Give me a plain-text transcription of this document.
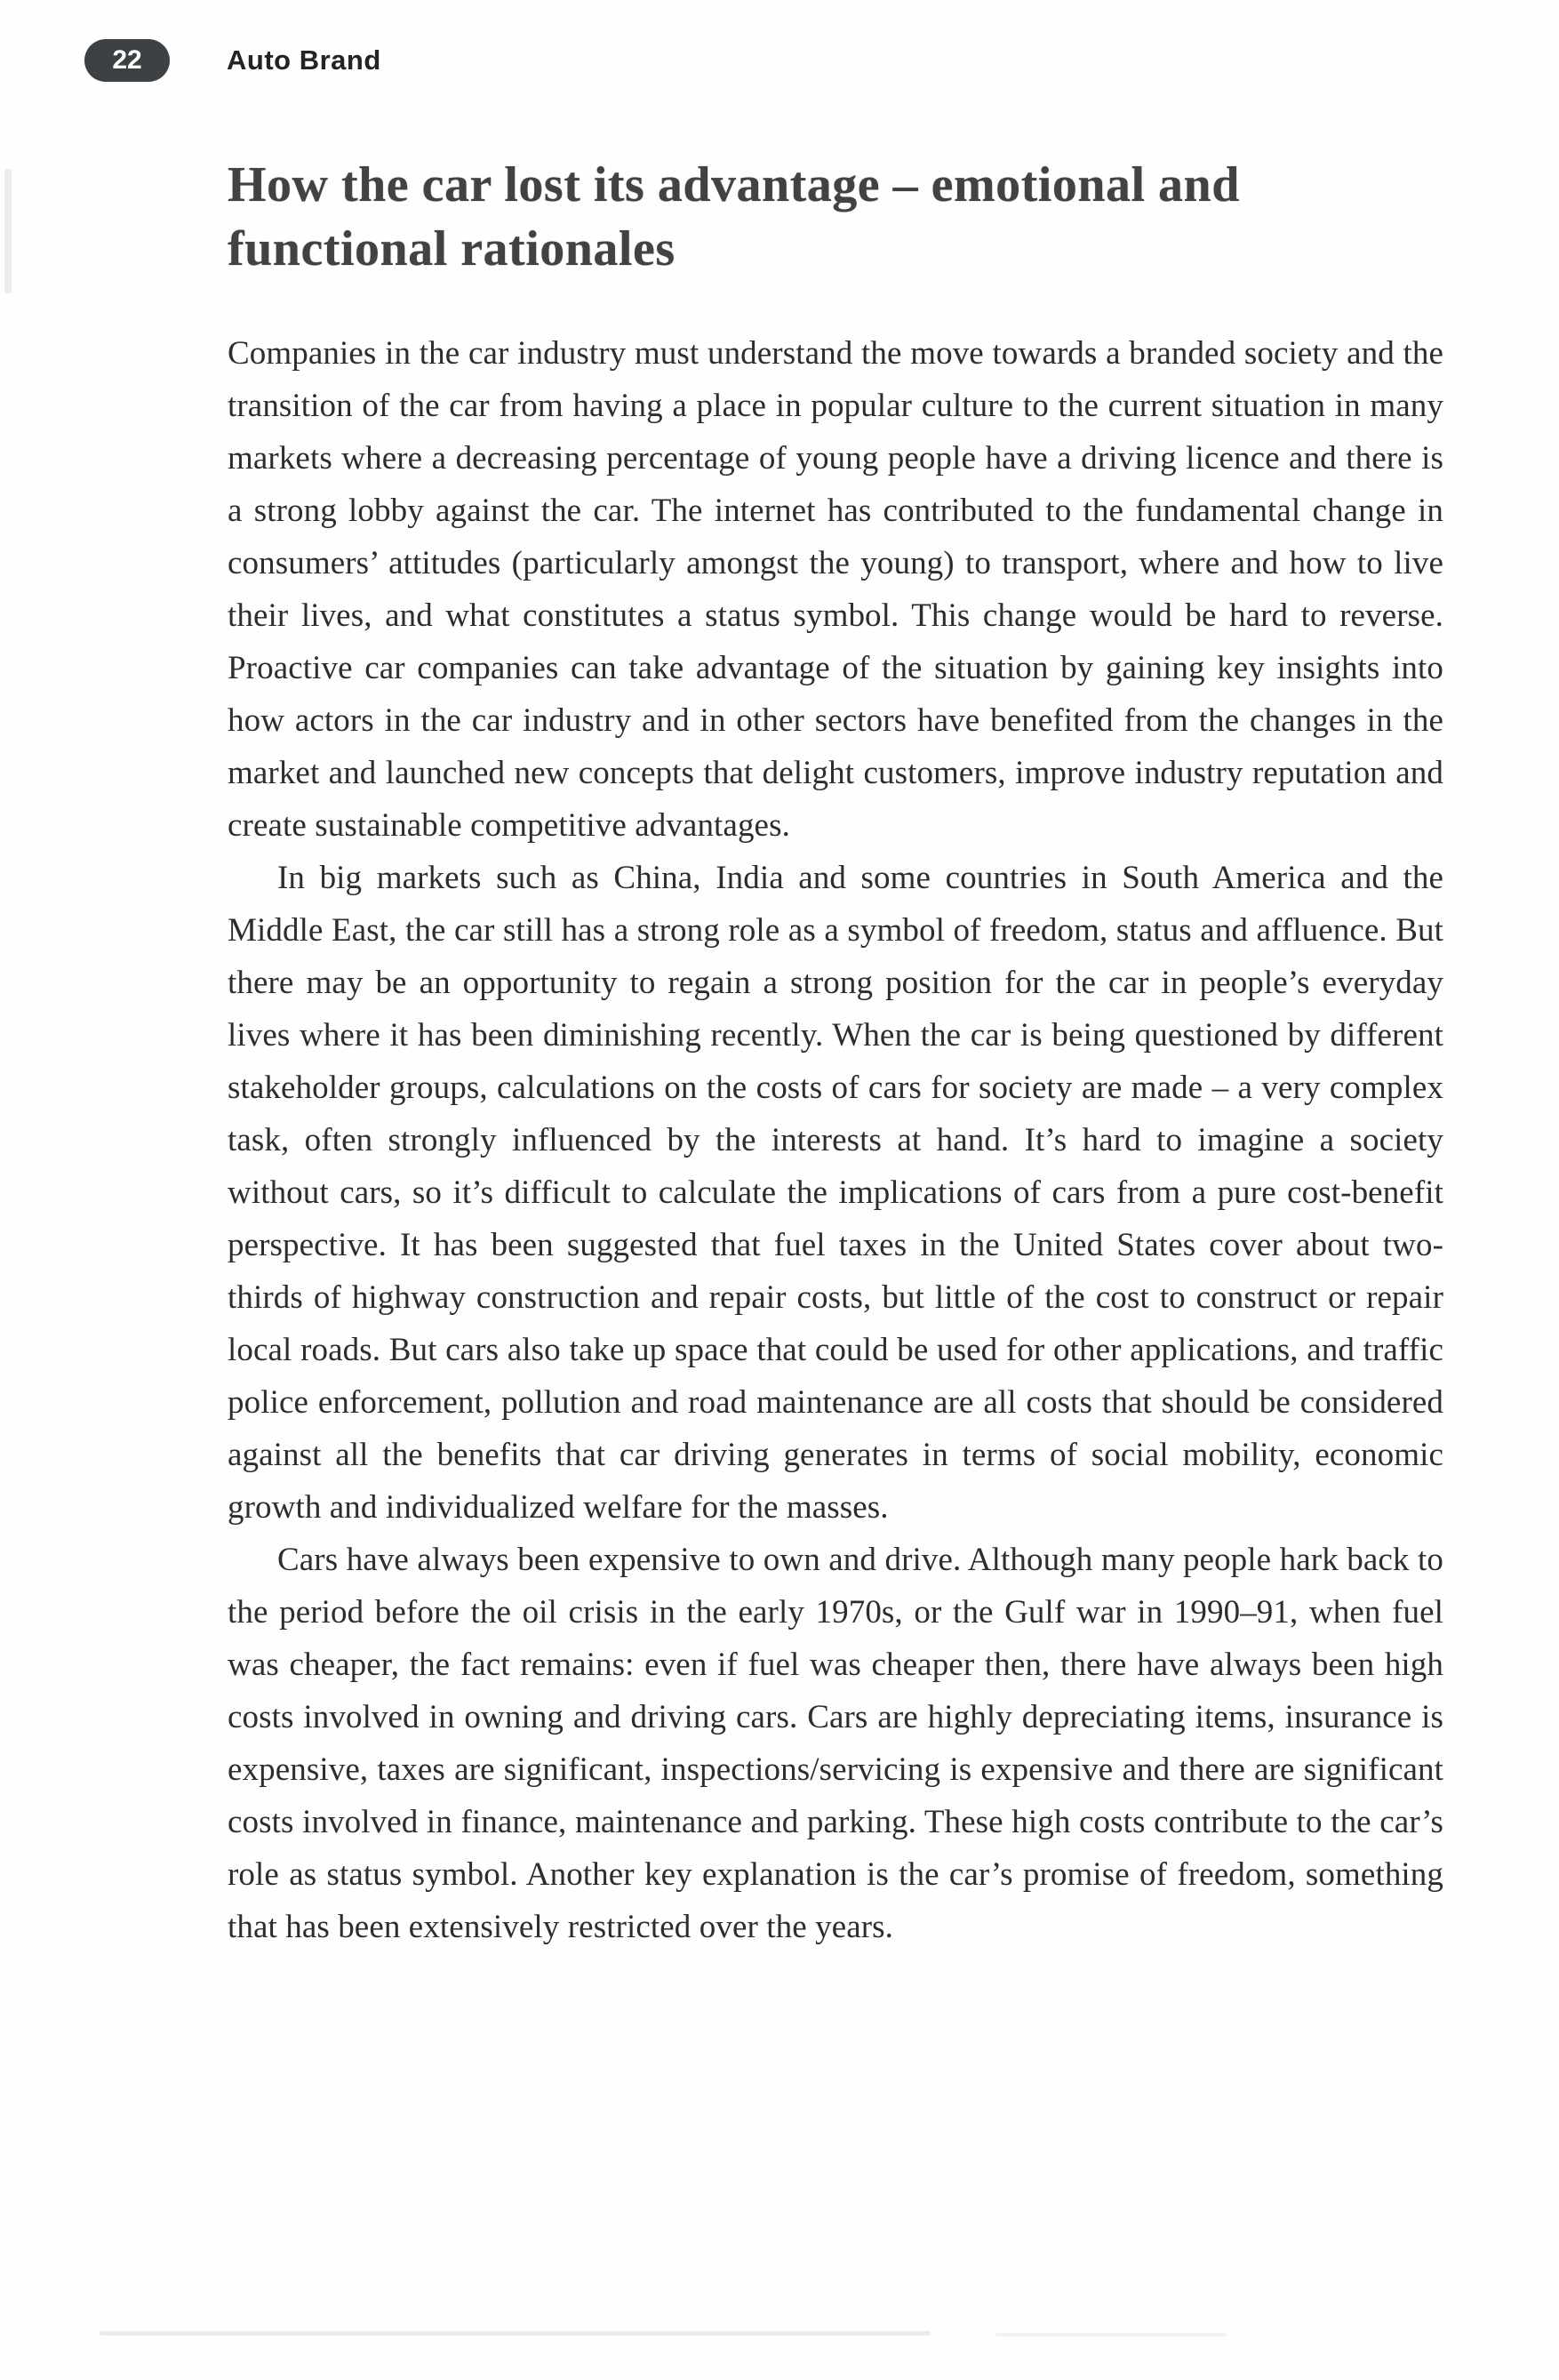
22	Auto Brand
How the car lost its advantage – emotional and functional rationales

Companies in the car industry must understand the move towards a branded society and the transition of the car from having a place in popular culture to the current situation in many markets where a decreasing percentage of young people have a driving licence and there is a strong lobby against the car. The internet has contributed to the fundamental change in consumers’ attitudes (particularly amongst the young) to transport, where and how to live their lives, and what constitutes a status symbol. This change would be hard to reverse. Proactive car companies can take advantage of the situation by gaining key insights into how actors in the car industry and in other sectors have benefited from the changes in the market and launched new concepts that delight customers, improve industry reputation and create sustainable competitive advantages.

In big markets such as China, India and some countries in South America and the Middle East, the car still has a strong role as a symbol of freedom, status and affluence. But there may be an opportunity to regain a strong position for the car in people’s everyday lives where it has been diminishing recently. When the car is being questioned by different stakeholder groups, calculations on the costs of cars for society are made – a very complex task, often strongly influenced by the interests at hand. It’s hard to imagine a society without cars, so it’s difficult to calculate the implications of cars from a pure cost-benefit perspective. It has been suggested that fuel taxes in the United States cover about two-thirds of highway construction and repair costs, but little of the cost to construct or repair local roads. But cars also take up space that could be used for other applications, and traffic police enforcement, pollution and road maintenance are all costs that should be considered against all the benefits that car driving generates in terms of social mobility, economic growth and individualized welfare for the masses.

Cars have always been expensive to own and drive. Although many people hark back to the period before the oil crisis in the early 1970s, or the Gulf war in 1990–91, when fuel was cheaper, the fact remains: even if fuel was cheaper then, there have always been high costs involved in owning and driving cars. Cars are highly depreciating items, insurance is expensive, taxes are significant, inspections/servicing is expensive and there are significant costs involved in finance, maintenance and parking. These high costs contribute to the car’s role as status symbol. Another key explanation is the car’s promise of freedom, something that has been extensively restricted over the years.
